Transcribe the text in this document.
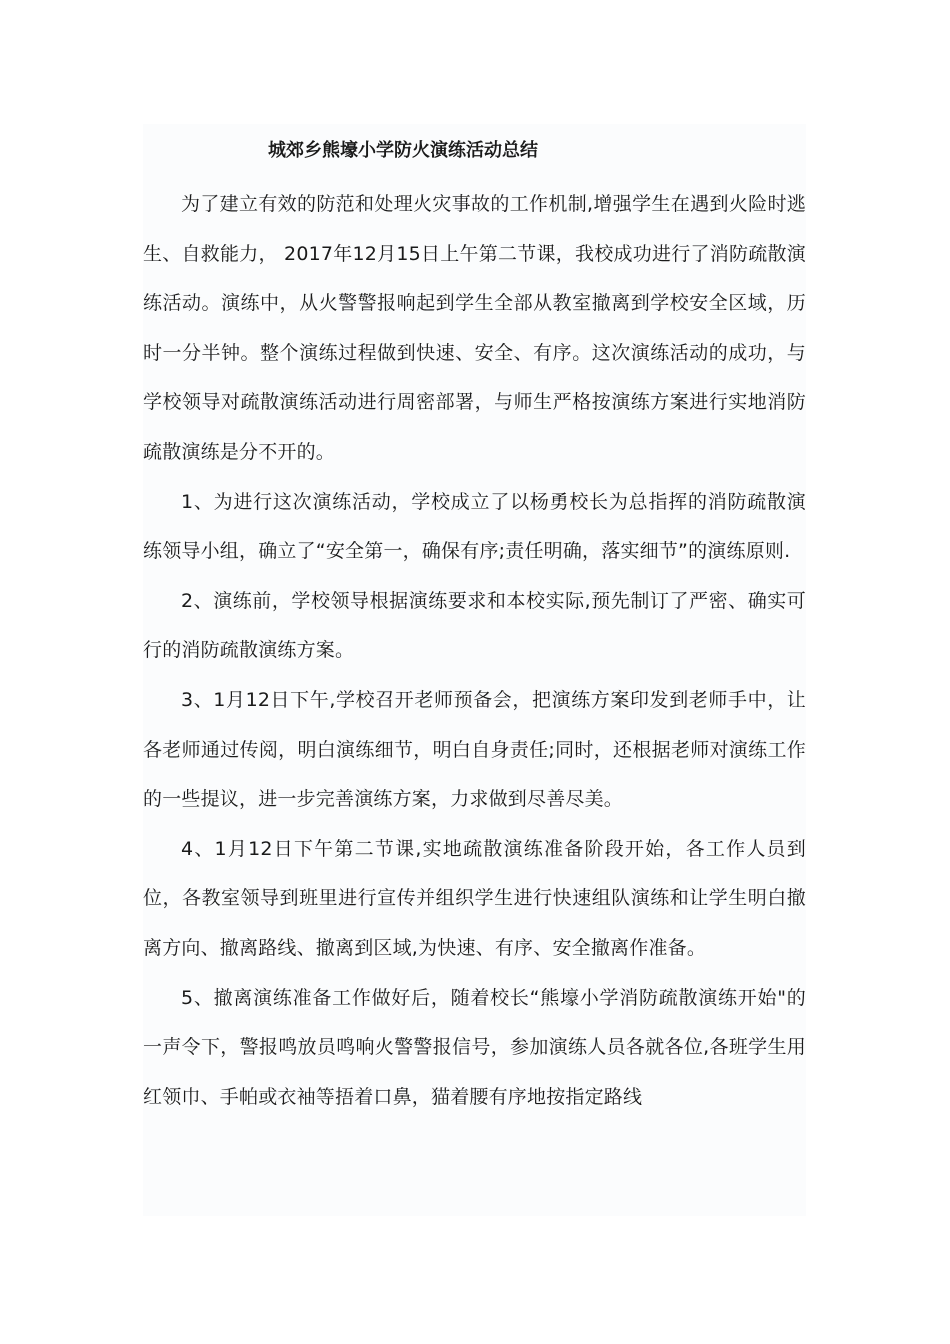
城郊乡熊壕小学防火演练活动总结

为了建立有效的防范和处理火灾事故的工作机制,增强学生在遇到火险时逃生、自救能力， 2017年12月15日上午第二节课，我校成功进行了消防疏散演练活动。演练中，从火警警报响起到学生全部从教室撤离到学校安全区域，历时一分半钟。整个演练过程做到快速、安全、有序。这次演练活动的成功，与学校领导对疏散演练活动进行周密部署，与师生严格按演练方案进行实地消防疏散演练是分不开的。

1、为进行这次演练活动，学校成立了以杨勇校长为总指挥的消防疏散演练领导小组，确立了“安全第一，确保有序;责任明确，落实细节”的演练原则.

2、演练前，学校领导根据演练要求和本校实际,预先制订了严密、确实可行的消防疏散演练方案。

3、1月12日下午,学校召开老师预备会，把演练方案印发到老师手中，让各老师通过传阅，明白演练细节，明白自身责任;同时，还根据老师对演练工作的一些提议，进一步完善演练方案，力求做到尽善尽美。

4、1月12日下午第二节课,实地疏散演练准备阶段开始，各工作人员到位，各教室领导到班里进行宣传并组织学生进行快速组队演练和让学生明白撤离方向、撤离路线、撤离到区域,为快速、有序、安全撤离作准备。

5、撤离演练准备工作做好后，随着校长“熊壕小学消防疏散演练开始"的一声令下，警报鸣放员鸣响火警警报信号，参加演练人员各就各位,各班学生用红领巾、手帕或衣袖等捂着口鼻，猫着腰有序地按指定路线
